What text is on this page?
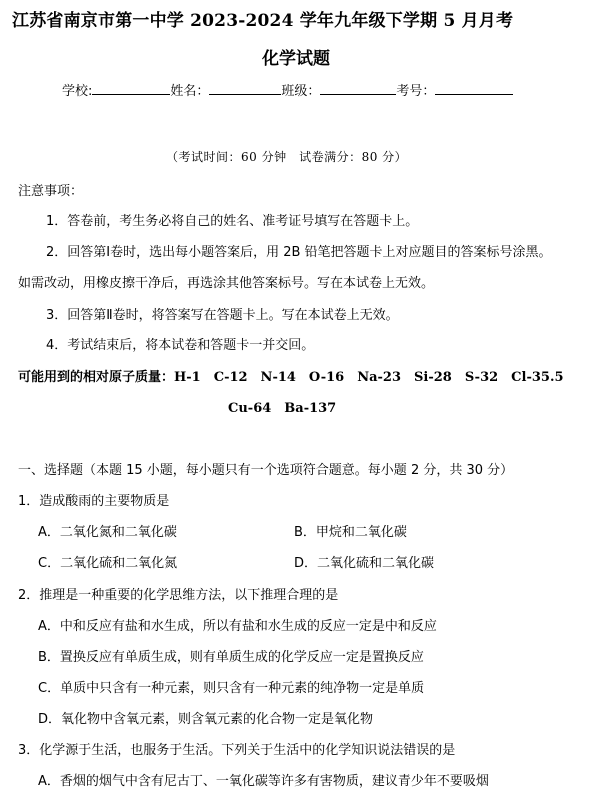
江苏省南京市第一中学 2023-2024 学年九年级下学期 5 月月考
化学试题
学校:	姓名：	班级：	考号：
（考试时间：60 分钟　试卷满分：80 分）
注意事项：
1．答卷前，考生务必将自己的姓名、准考证号填写在答题卡上。
2．回答第Ⅰ卷时，选出每小题答案后，用 2B 铅笔把答题卡上对应题目的答案标号涂黑。
如需改动，用橡皮擦干净后，再选涂其他答案标号。写在本试卷上无效。
3．回答第Ⅱ卷时，将答案写在答题卡上。写在本试卷上无效。
4．考试结束后，将本试卷和答题卡一并交回。
可能用到的相对原子质量：H-1　C-12　N-14　O-16　Na-23　Si-28　S-32　Cl-35.5
Cu-64　Ba-137
一、选择题（本题 15 小题，每小题只有一个选项符合题意。每小题 2 分，共 30 分）
1．造成酸雨的主要物质是
A．二氧化氮和二氧化碳	B．甲烷和二氧化碳
C．二氧化硫和二氧化氮	D．二氧化硫和二氧化碳
2．推理是一种重要的化学思维方法，以下推理合理的是
A．中和反应有盐和水生成，所以有盐和水生成的反应一定是中和反应
B．置换反应有单质生成，则有单质生成的化学反应一定是置换反应
C．单质中只含有一种元素，则只含有一种元素的纯净物一定是单质
D．氧化物中含氧元素，则含氧元素的化合物一定是氧化物
3．化学源于生活，也服务于生活。下列关于生活中的化学知识说法错误的是
A．香烟的烟气中含有尼古丁、一氧化碳等许多有害物质，建议青少年不要吸烟
